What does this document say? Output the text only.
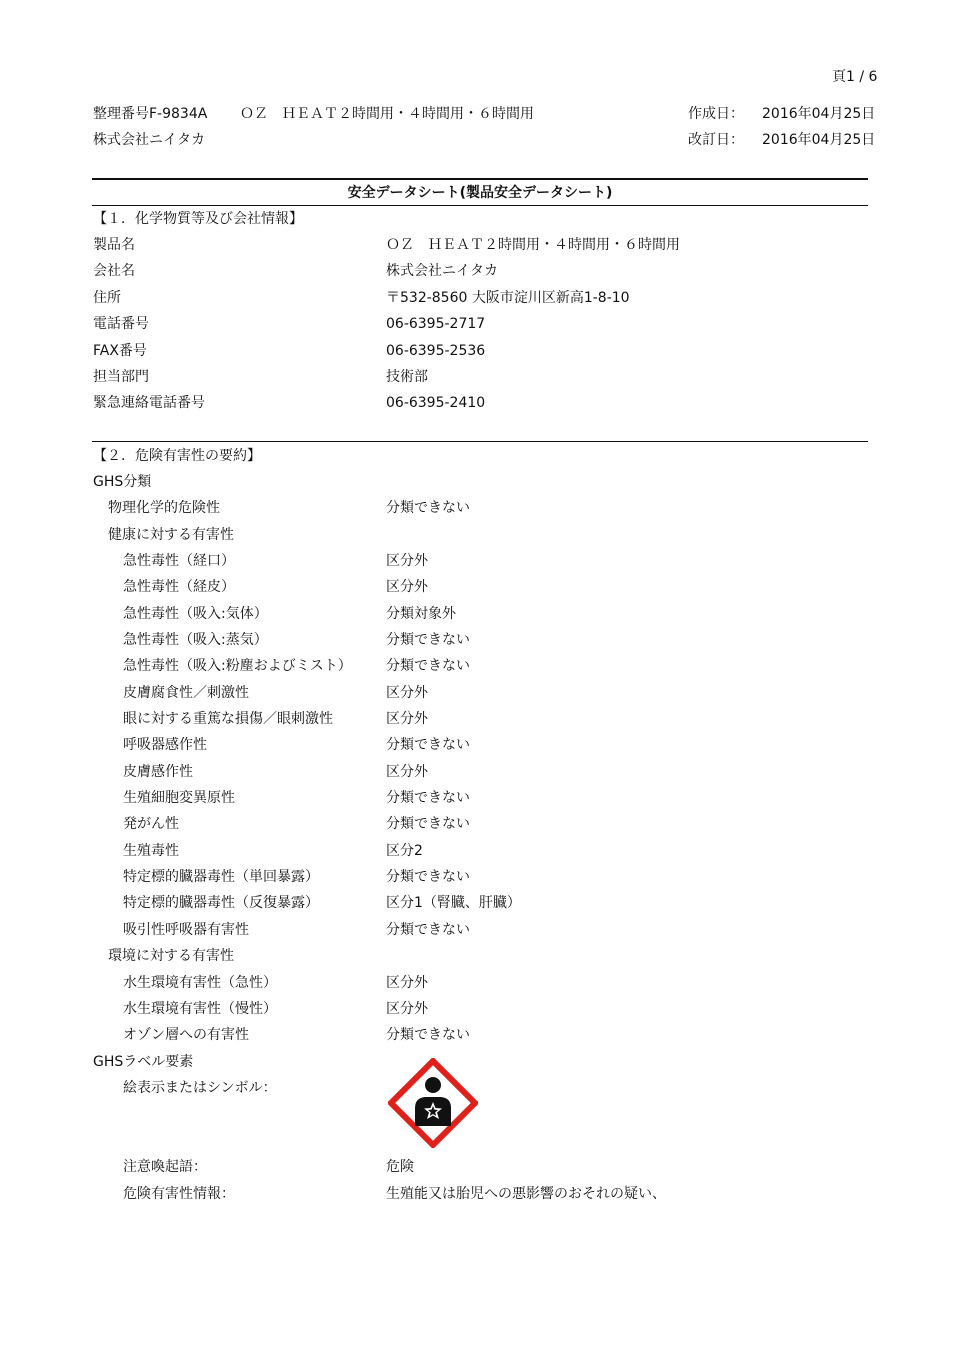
頁1 / 6
整理番号F-9834A ＯＺ　ＨＥＡＴ２時間用・４時間用・６時間用	作成日： 2016年04月25日
株式会社ニイタカ	改訂日： 2016年04月25日
安全データシート(製品安全データシート)
【１．化学物質等及び会社情報】
製品名	ＯＺ　ＨＥＡＴ２時間用・４時間用・６時間用
会社名	株式会社ニイタカ
住所	〒532-8560 大阪市淀川区新高1-8-10
電話番号	06-6395-2717
FAX番号	06-6395-2536
担当部門	技術部
緊急連絡電話番号	06-6395-2410
【２．危険有害性の要約】
GHS分類
物理化学的危険性	分類できない
健康に対する有害性
急性毒性（経口）	区分外
急性毒性（経皮）	区分外
急性毒性（吸入:気体）	分類対象外
急性毒性（吸入:蒸気）	分類できない
急性毒性（吸入:粉塵およびミスト） 分類できない
皮膚腐食性／刺激性	区分外
眼に対する重篤な損傷／眼刺激性	区分外
呼吸器感作性	分類できない
皮膚感作性	区分外
生殖細胞変異原性	分類できない
発がん性	分類できない
生殖毒性	区分2
特定標的臓器毒性（単回暴露）	分類できない
特定標的臓器毒性（反復暴露）	区分1（腎臓、肝臓）
吸引性呼吸器有害性	分類できない
環境に対する有害性
水生環境有害性（急性）	区分外
水生環境有害性（慢性）	区分外
オゾン層への有害性	分類できない
GHSラベル要素
絵表示またはシンボル：
注意喚起語：	危険
危険有害性情報：	生殖能又は胎児への悪影響のおそれの疑い、
